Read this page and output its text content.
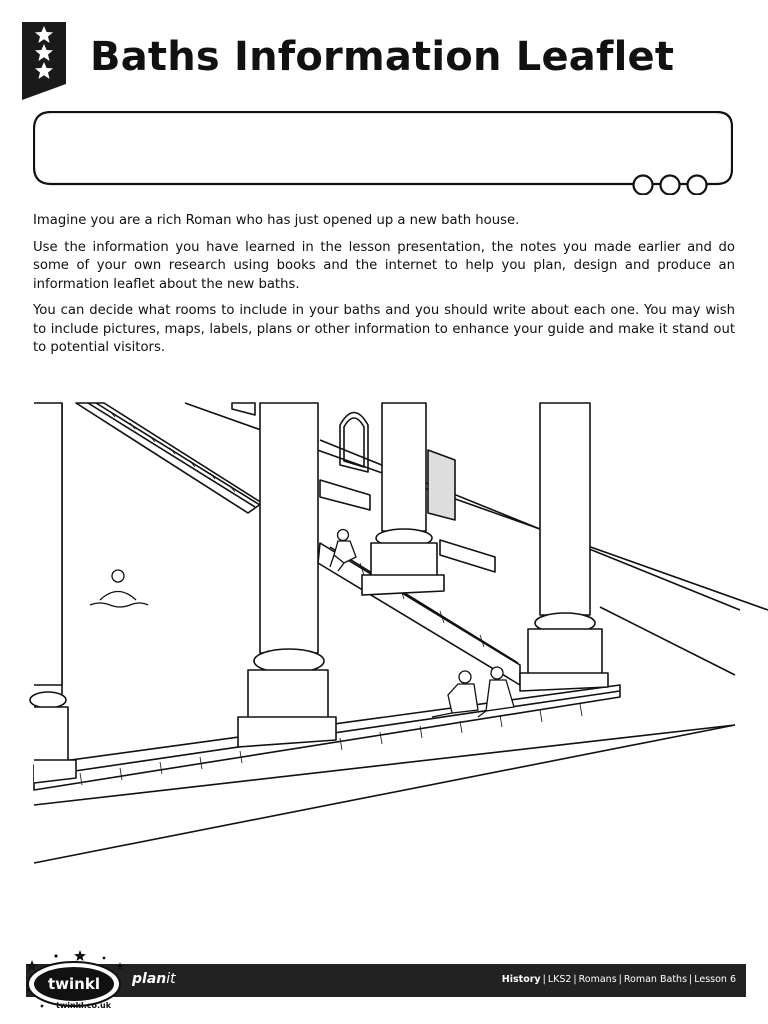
Baths Information Leaflet

Imagine you are a rich Roman who has just opened up a new bath house.

Use the information you have learned in the lesson presentation, the notes you made earlier and do some of your own research using books and the internet to help you plan, design and produce an information leaflet about the new baths.

You can decide what rooms to include in your baths and you should write about each one. You may wish to include pictures, maps, labels, plans or other information to enhance your guide and make it stand out to potential visitors.

twinkl planit	History | LKS2 | Romans | Roman Baths | Lesson 6
twinkl.co.uk
